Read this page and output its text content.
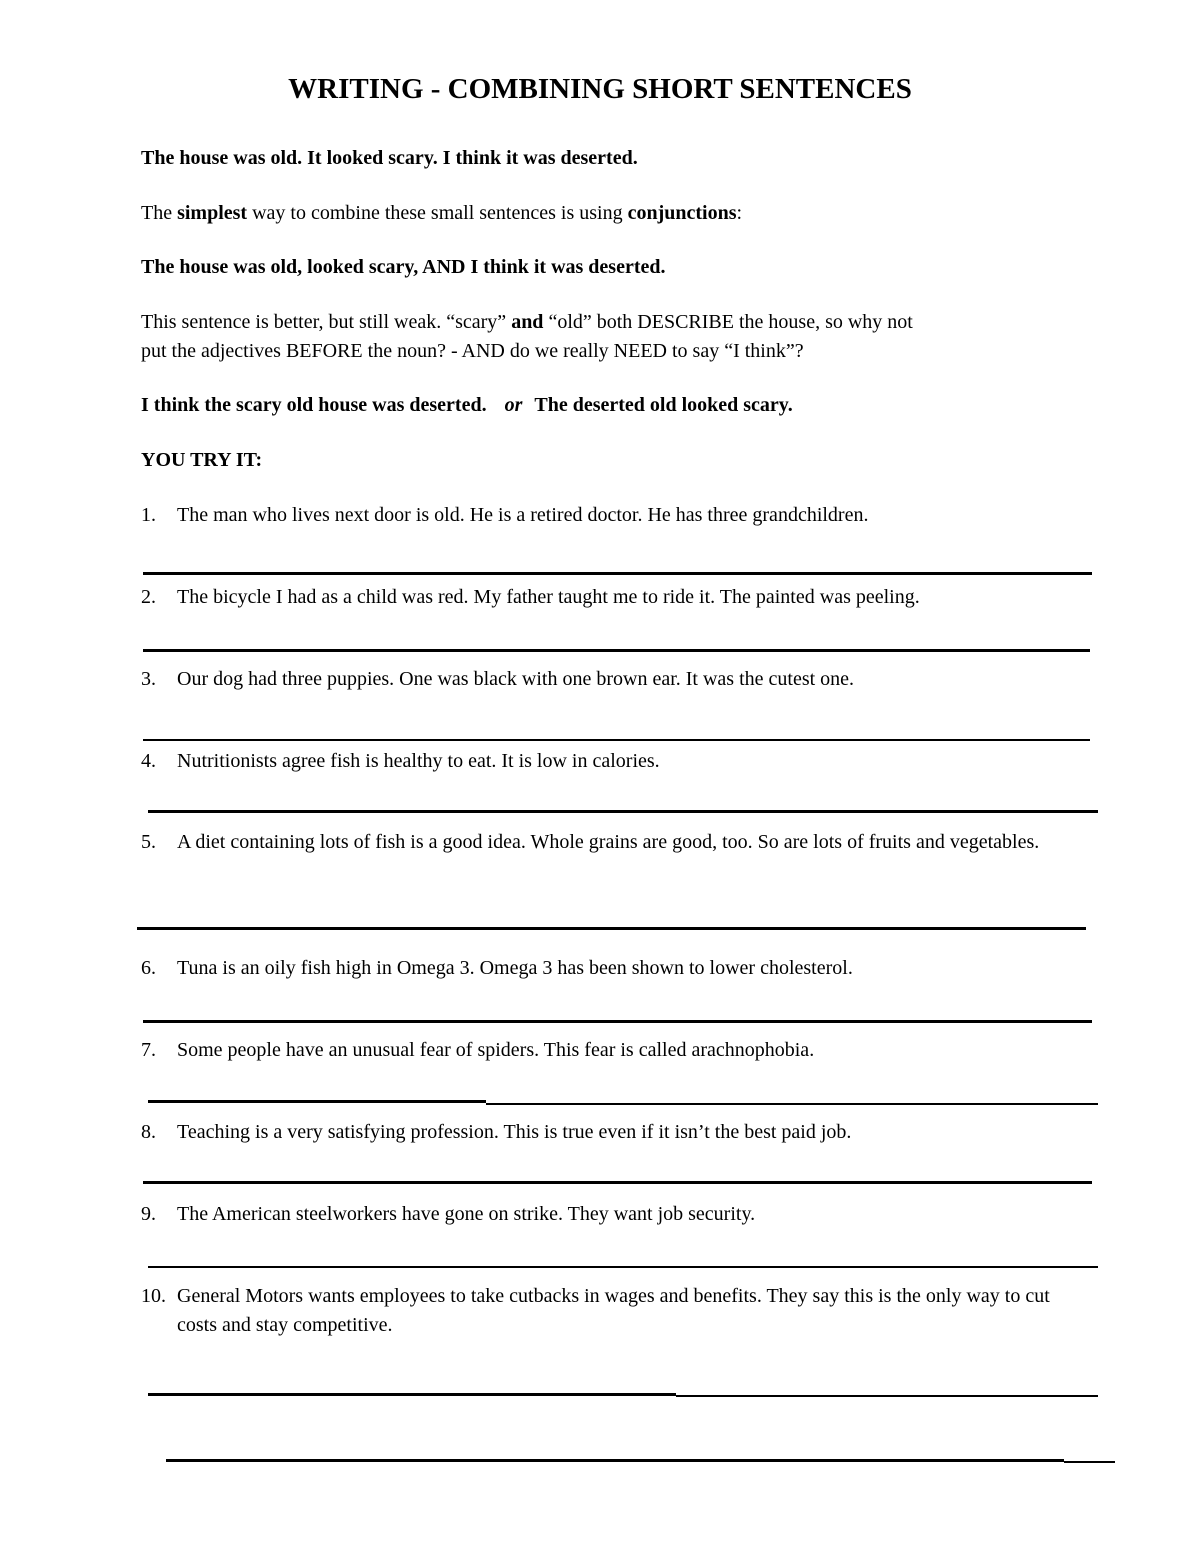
WRITING - COMBINING SHORT SENTENCES
The house was old. It looked scary. I think it was deserted.
The simplest way to combine these small sentences is using conjunctions:
The house was old, looked scary, AND I think it was deserted.
This sentence is better, but still weak. “scary” and “old” both DESCRIBE the house, so why not
put the adjectives BEFORE the noun? - AND do we really NEED to say “I think”?
I think the scary old house was deserted. or The deserted old looked scary.
YOU TRY IT:
1.	The man who lives next door is old. He is a retired doctor. He has three grandchildren.
2.	The bicycle I had as a child was red. My father taught me to ride it. The painted was peeling.
3.	Our dog had three puppies. One was black with one brown ear. It was the cutest one.
4.	Nutritionists agree fish is healthy to eat. It is low in calories.
5.	A diet containing lots of fish is a good idea. Whole grains are good, too. So are lots of fruits and vegetables.
6.	Tuna is an oily fish high in Omega 3. Omega 3 has been shown to lower cholesterol.
7.	Some people have an unusual fear of spiders. This fear is called arachnophobia.
8.	Teaching is a very satisfying profession. This is true even if it isn’t the best paid job.
9.	The American steelworkers have gone on strike. They want job security.
10. General Motors wants employees to take cutbacks in wages and benefits. They say this is the only way to cut costs and stay competitive.
